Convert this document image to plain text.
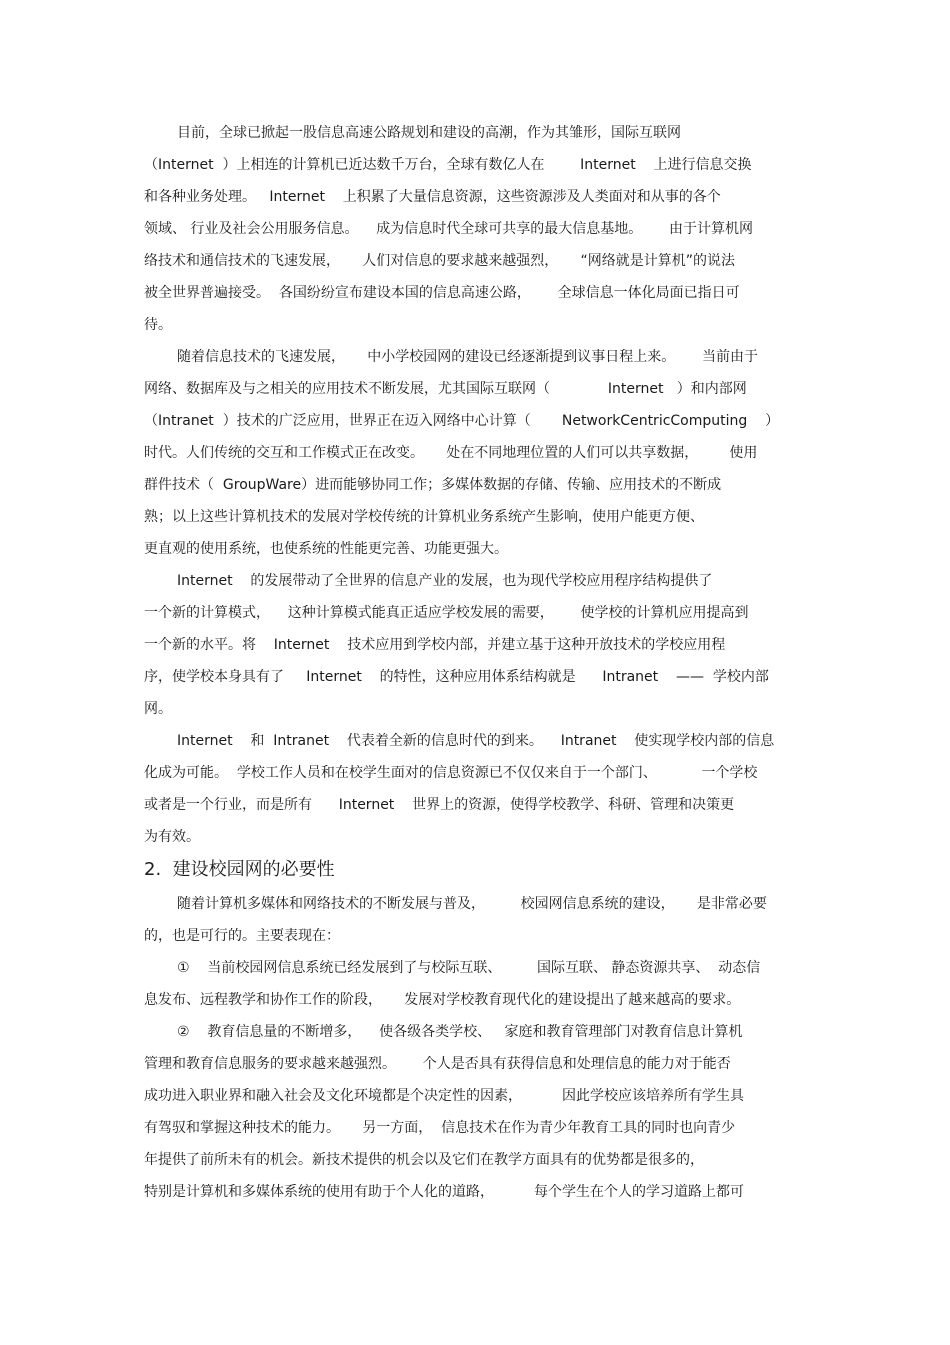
目前，全球已掀起一股信息高速公路规划和建设的高潮，作为其雏形，国际互联网
（Internet  ）上相连的计算机已近达数千万台，全球有数亿人在        Internet    上进行信息交换
和各种业务处理。   Internet    上积累了大量信息资源，这些资源涉及人类面对和从事的各个
领域、 行业及社会公用服务信息。    成为信息时代全球可共享的最大信息基地。      由于计算机网
络技术和通信技术的飞速发展，     人们对信息的要求越来越强烈，     “网络就是计算机”的说法
被全世界普遍接受。  各国纷纷宣布建设本国的信息高速公路，      全球信息一体化局面已指日可
待。
随着信息技术的飞速发展，     中小学校园网的建设已经逐渐提到议事日程上来。      当前由于
网络、数据库及与之相关的应用技术不断发展，尤其国际互联网（             Internet   ）和内部网
（Intranet  ）技术的广泛应用，世界正在迈入网络中心计算（       NetworkCentricComputing    ）
时代。人们传统的交互和工作模式正在改变。     处在不同地理位置的人们可以共享数据，       使用
群件技术（  GroupWare）进而能够协同工作；多媒体数据的存储、传输、应用技术的不断成
熟；以上这些计算机技术的发展对学校传统的计算机业务系统产生影响，使用户能更方便、
更直观的使用系统，也使系统的性能更完善、功能更强大。
Internet    的发展带动了全世界的信息产业的发展，也为现代学校应用程序结构提供了
一个新的计算模式，    这种计算模式能真正适应学校发展的需要，      使学校的计算机应用提高到
一个新的水平。将    Internet    技术应用到学校内部，并建立基于这种开放技术的学校应用程
序，使学校本身具有了     Internet    的特性，这种应用体系结构就是      Intranet    ——  学校内部
网。
Internet    和  Intranet    代表着全新的信息时代的到来。    Intranet    使实现学校内部的信息
化成为可能。  学校工作人员和在校学生面对的信息资源已不仅仅来自于一个部门、          一个学校
或者是一个行业，而是所有      Internet    世界上的资源，使得学校教学、科研、管理和决策更
为有效。
2.  建设校园网的必要性
随着计算机多媒体和网络技术的不断发展与普及，        校园网信息系统的建设，     是非常必要
的，也是可行的。主要表现在：
①    当前校园网信息系统已经发展到了与校际互联、        国际互联、 静态资源共享、  动态信
息发布、远程教学和协作工作的阶段，     发展对学校教育现代化的建设提出了越来越高的要求。
②    教育信息量的不断增多，    使各级各类学校、   家庭和教育管理部门对教育信息计算机
管理和教育信息服务的要求越来越强烈。      个人是否具有获得信息和处理信息的能力对于能否
成功进入职业界和融入社会及文化环境都是个决定性的因素，         因此学校应该培养所有学生具
有驾驭和掌握这种技术的能力。     另一方面，  信息技术在作为青少年教育工具的同时也向青少
年提供了前所未有的机会。新技术提供的机会以及它们在教学方面具有的优势都是很多的，
特别是计算机和多媒体系统的使用有助于个人化的道路，         每个学生在个人的学习道路上都可
